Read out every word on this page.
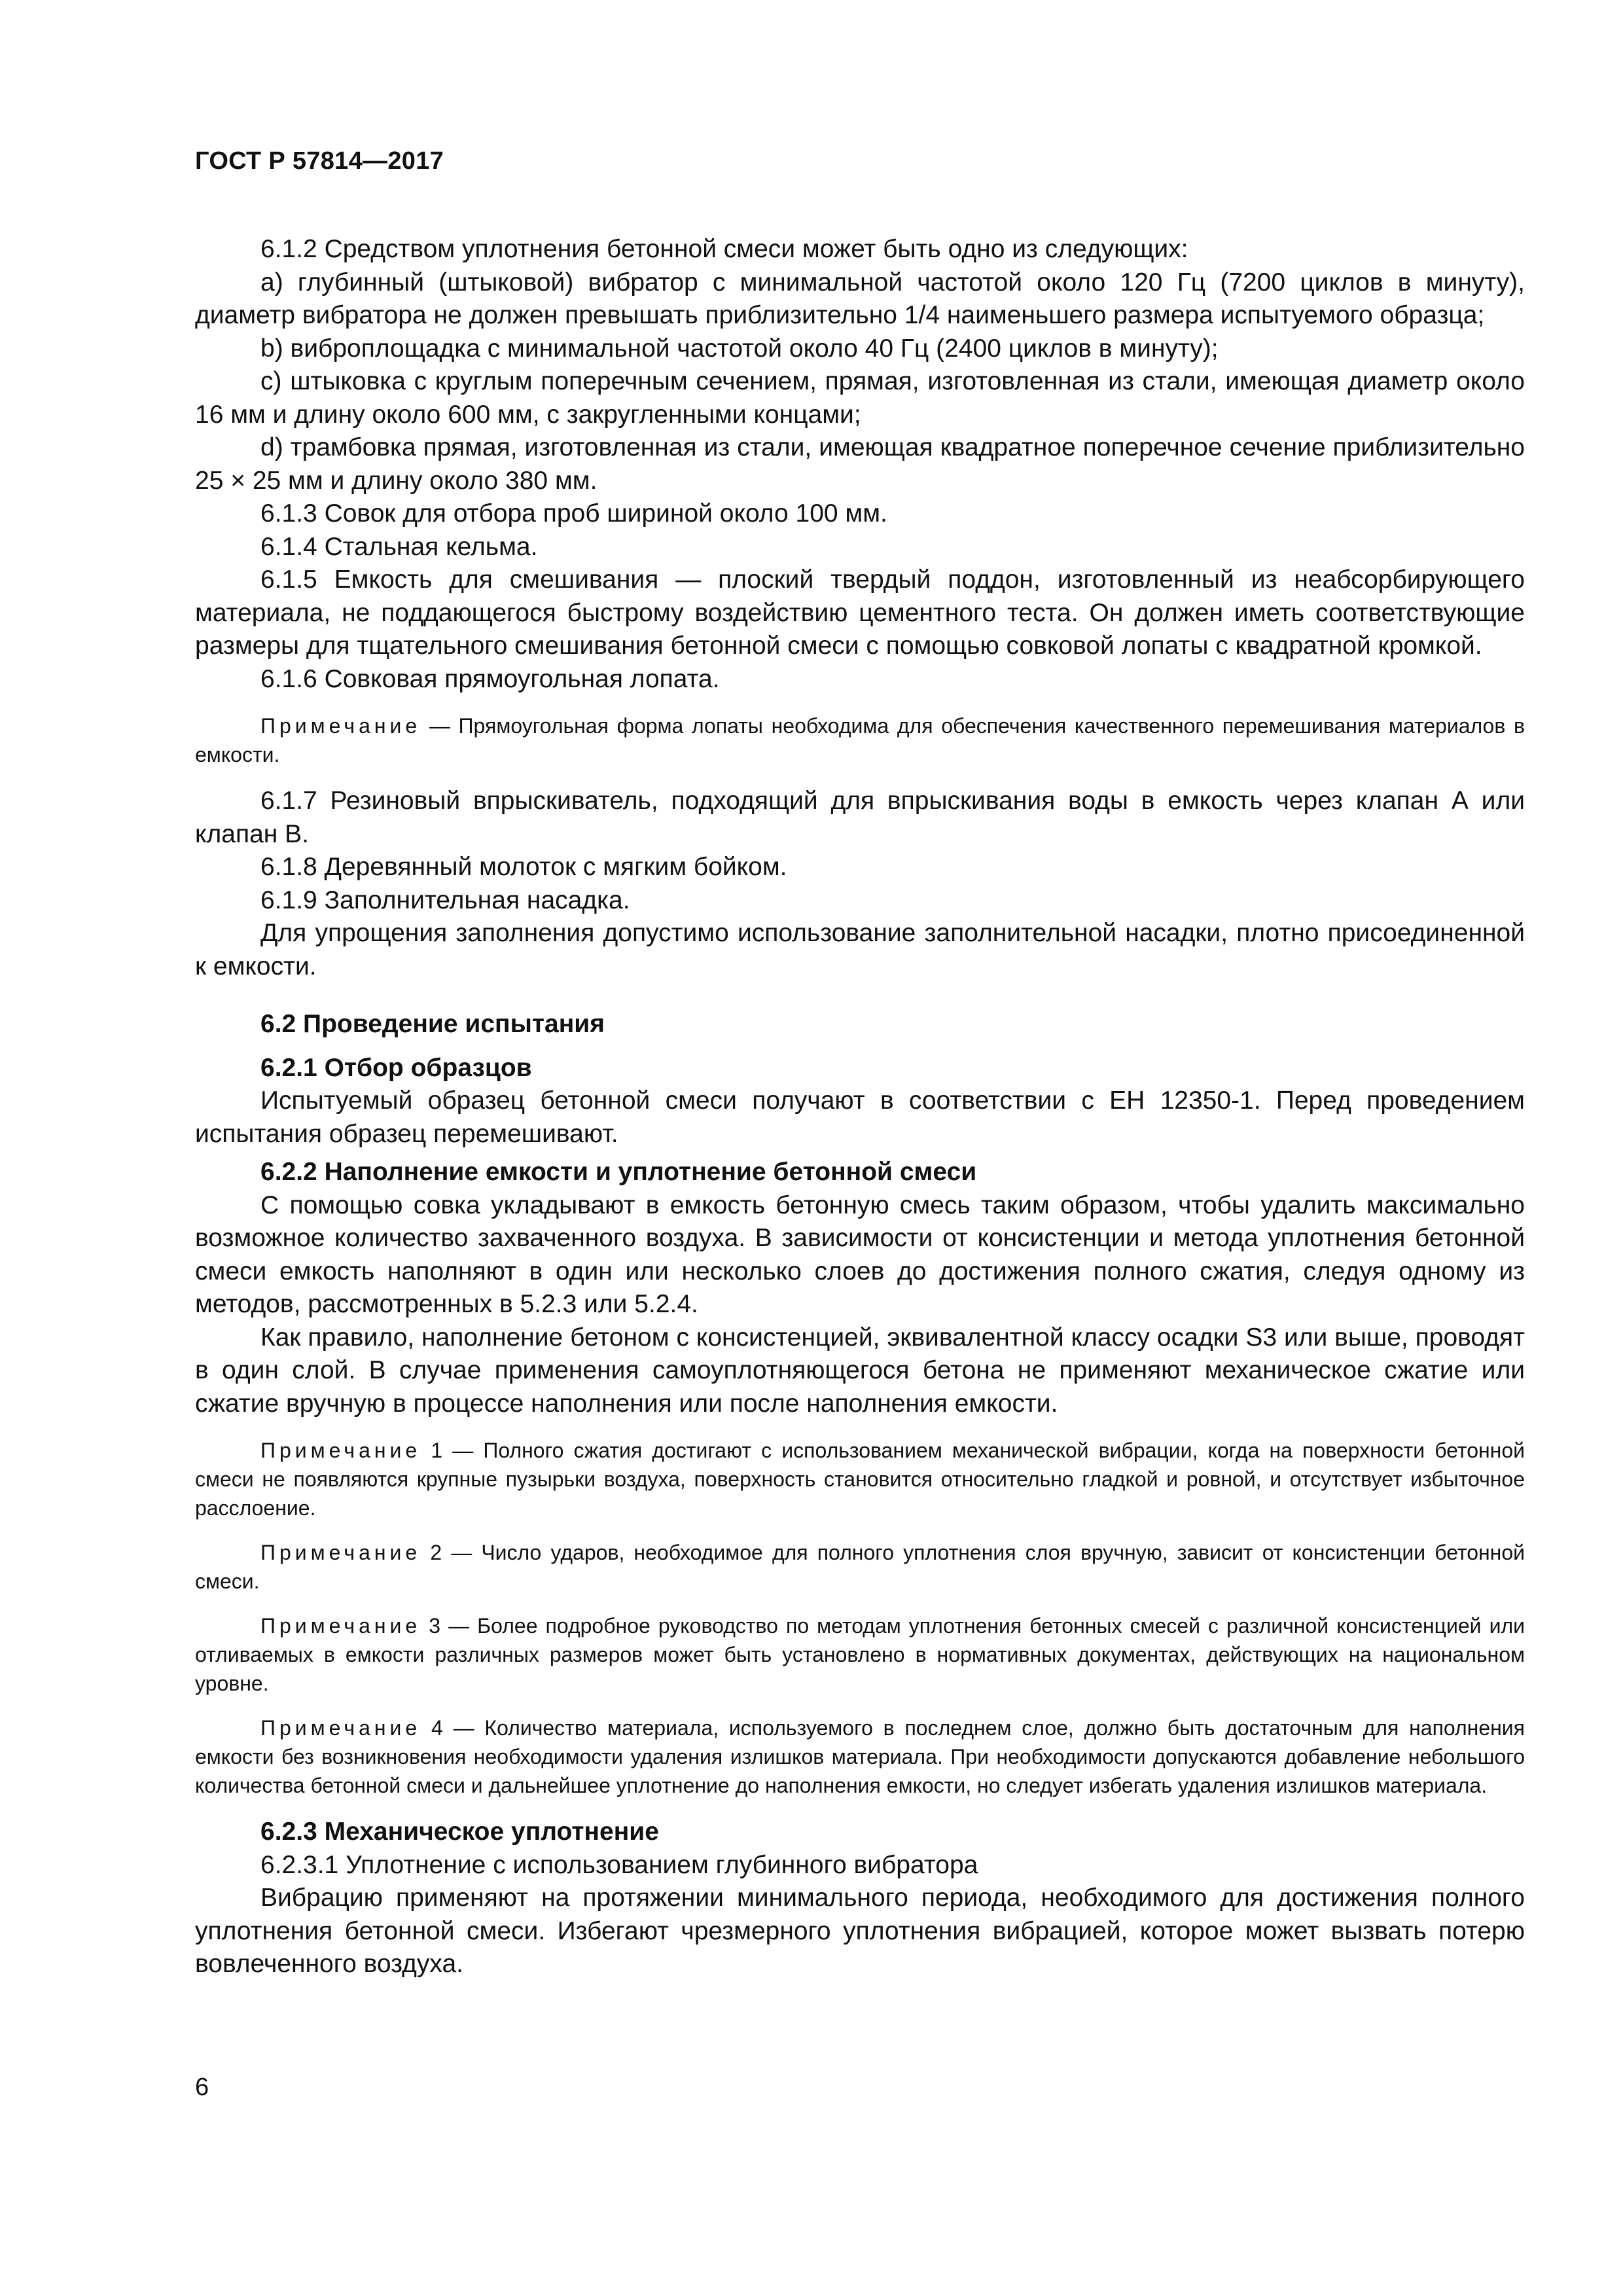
ГОСТ Р 57814—2017

6.1.2 Средством уплотнения бетонной смеси может быть одно из следующих:

а) глубинный (штыковой) вибратор с минимальной частотой около 120 Гц (7200 циклов в минуту), диаметр вибратора не должен превышать приблизительно 1/4 наименьшего размера испытуемого образца;

b) виброплощадка с минимальной частотой около 40 Гц (2400 циклов в минуту);

c) штыковка с круглым поперечным сечением, прямая, изготовленная из стали, имеющая диаметр около 16 мм и длину около 600 мм, с закругленными концами;

d) трамбовка прямая, изготовленная из стали, имеющая квадратное поперечное сечение приблизительно 25 × 25 мм и длину около 380 мм.

6.1.3 Совок для отбора проб шириной около 100 мм.

6.1.4 Стальная кельма.

6.1.5 Емкость для смешивания — плоский твердый поддон, изготовленный из неабсорбирующего материала, не поддающегося быстрому воздействию цементного теста. Он должен иметь соответствующие размеры для тщательного смешивания бетонной смеси с помощью совковой лопаты с квадратной кромкой.

6.1.6 Совковая прямоугольная лопата.

Примечание — Прямоугольная форма лопаты необходима для обеспечения качественного перемешивания материалов в емкости.

6.1.7 Резиновый впрыскиватель, подходящий для впрыскивания воды в емкость через клапан А или клапан В.

6.1.8 Деревянный молоток с мягким бойком.

6.1.9 Заполнительная насадка.

Для упрощения заполнения допустимо использование заполнительной насадки, плотно присоединенной к емкости.

6.2 Проведение испытания
6.2.1 Отбор образцов

Испытуемый образец бетонной смеси получают в соответствии с ЕН 12350-1. Перед проведением испытания образец перемешивают.

6.2.2 Наполнение емкости и уплотнение бетонной смеси

С помощью совка укладывают в емкость бетонную смесь таким образом, чтобы удалить максимально возможное количество захваченного воздуха. В зависимости от консистенции и метода уплотнения бетонной смеси емкость наполняют в один или несколько слоев до достижения полного сжатия, следуя одному из методов, рассмотренных в 5.2.3 или 5.2.4.

Как правило, наполнение бетоном с консистенцией, эквивалентной классу осадки S3 или выше, проводят в один слой. В случае применения самоуплотняющегося бетона не применяют механическое сжатие или сжатие вручную в процессе наполнения или после наполнения емкости.

Примечание 1 — Полного сжатия достигают с использованием механической вибрации, когда на поверхности бетонной смеси не появляются крупные пузырьки воздуха, поверхность становится относительно гладкой и ровной, и отсутствует избыточное расслоение.
Примечание 2 — Число ударов, необходимое для полного уплотнения слоя вручную, зависит от консистенции бетонной смеси.
Примечание 3 — Более подробное руководство по методам уплотнения бетонных смесей с различной консистенцией или отливаемых в емкости различных размеров может быть установлено в нормативных документах, действующих на национальном уровне.
Примечание 4 — Количество материала, используемого в последнем слое, должно быть достаточным для наполнения емкости без возникновения необходимости удаления излишков материала. При необходимости допускаются добавление небольшого количества бетонной смеси и дальнейшее уплотнение до наполнения емкости, но следует избегать удаления излишков материала.
6.2.3 Механическое уплотнение

6.2.3.1 Уплотнение с использованием глубинного вибратора

Вибрацию применяют на протяжении минимального периода, необходимого для достижения полного уплотнения бетонной смеси. Избегают чрезмерного уплотнения вибрацией, которое может вызвать потерю вовлеченного воздуха.

6
